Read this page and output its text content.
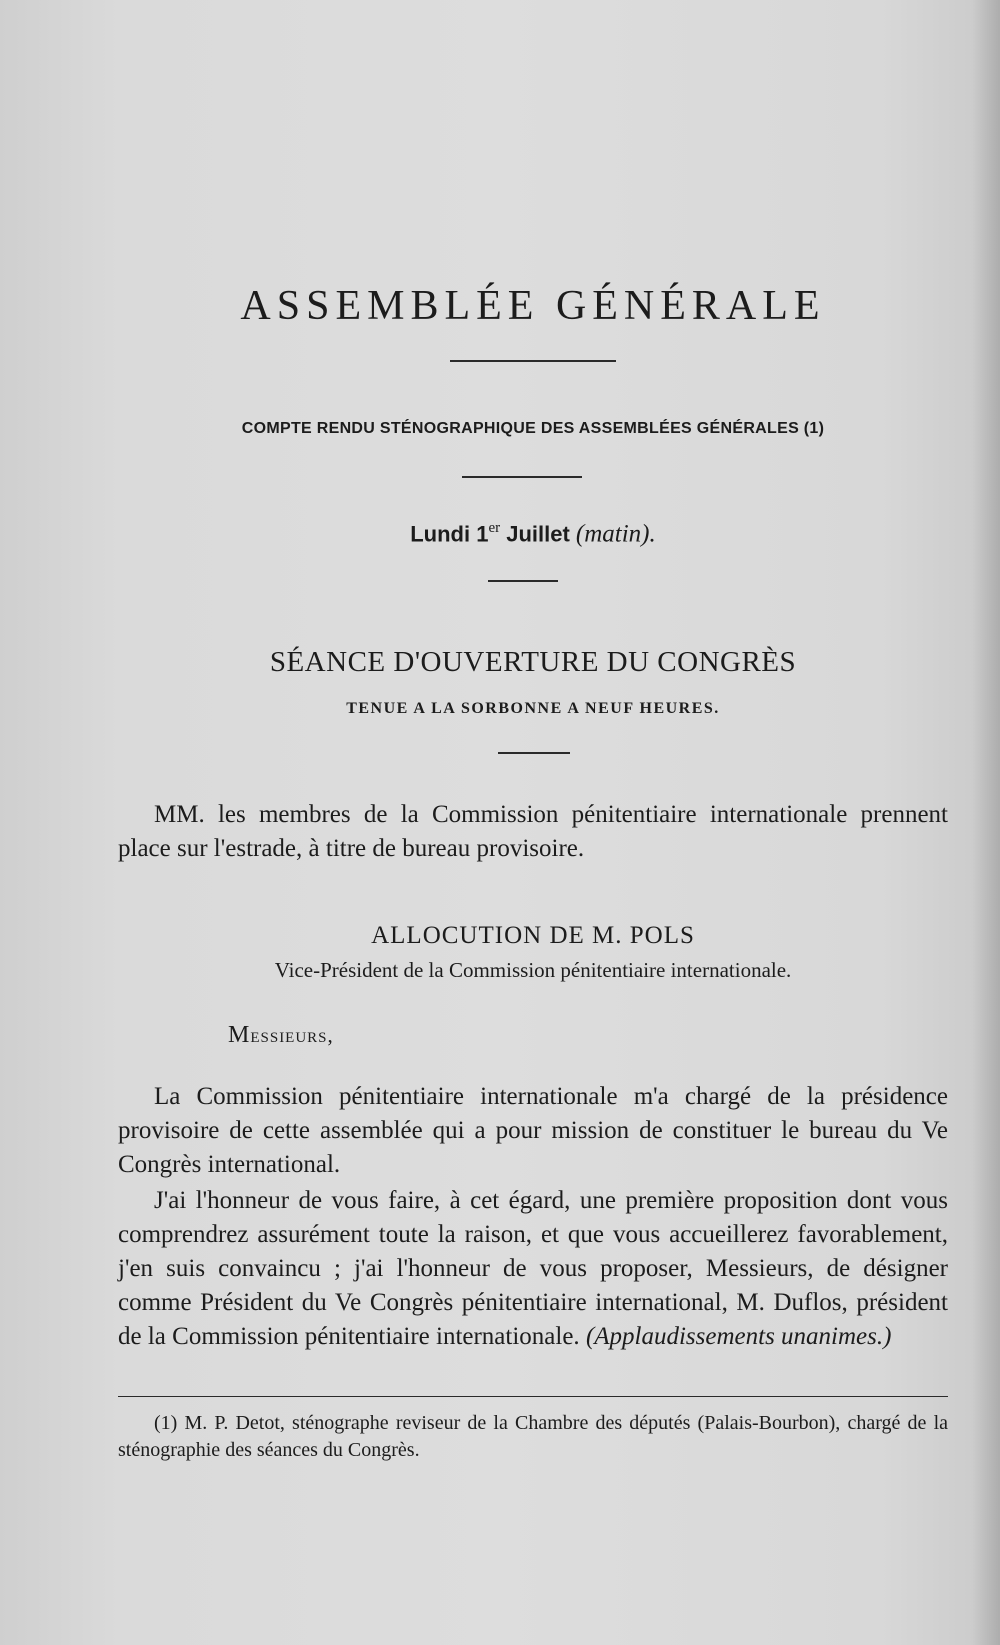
ASSEMBLÉE GÉNÉRALE
COMPTE RENDU STÉNOGRAPHIQUE DES ASSEMBLÉES GÉNÉRALES (1)
Lundi 1er Juillet (matin).
SÉANCE D'OUVERTURE DU CONGRÈS
TENUE A LA SORBONNE A NEUF HEURES.

MM. les membres de la Commission pénitentiaire internationale prennent place sur l'estrade, à titre de bureau provisoire.

ALLOCUTION DE M. POLS
Vice-Président de la Commission pénitentiaire internationale.
Messieurs,

La Commission pénitentiaire internationale m'a chargé de la présidence provisoire de cette assemblée qui a pour mission de constituer le bureau du Ve Congrès international.

J'ai l'honneur de vous faire, à cet égard, une première proposition dont vous comprendrez assurément toute la raison, et que vous accueillerez favorablement, j'en suis convaincu ; j'ai l'honneur de vous proposer, Messieurs, de désigner comme Président du Ve Congrès pénitentiaire international, M. Duflos, président de la Commission pénitentiaire internationale. (Applaudissements unanimes.)

(1) M. P. Detot, sténographe reviseur de la Chambre des députés (Palais-Bourbon), chargé de la sténographie des séances du Congrès.
